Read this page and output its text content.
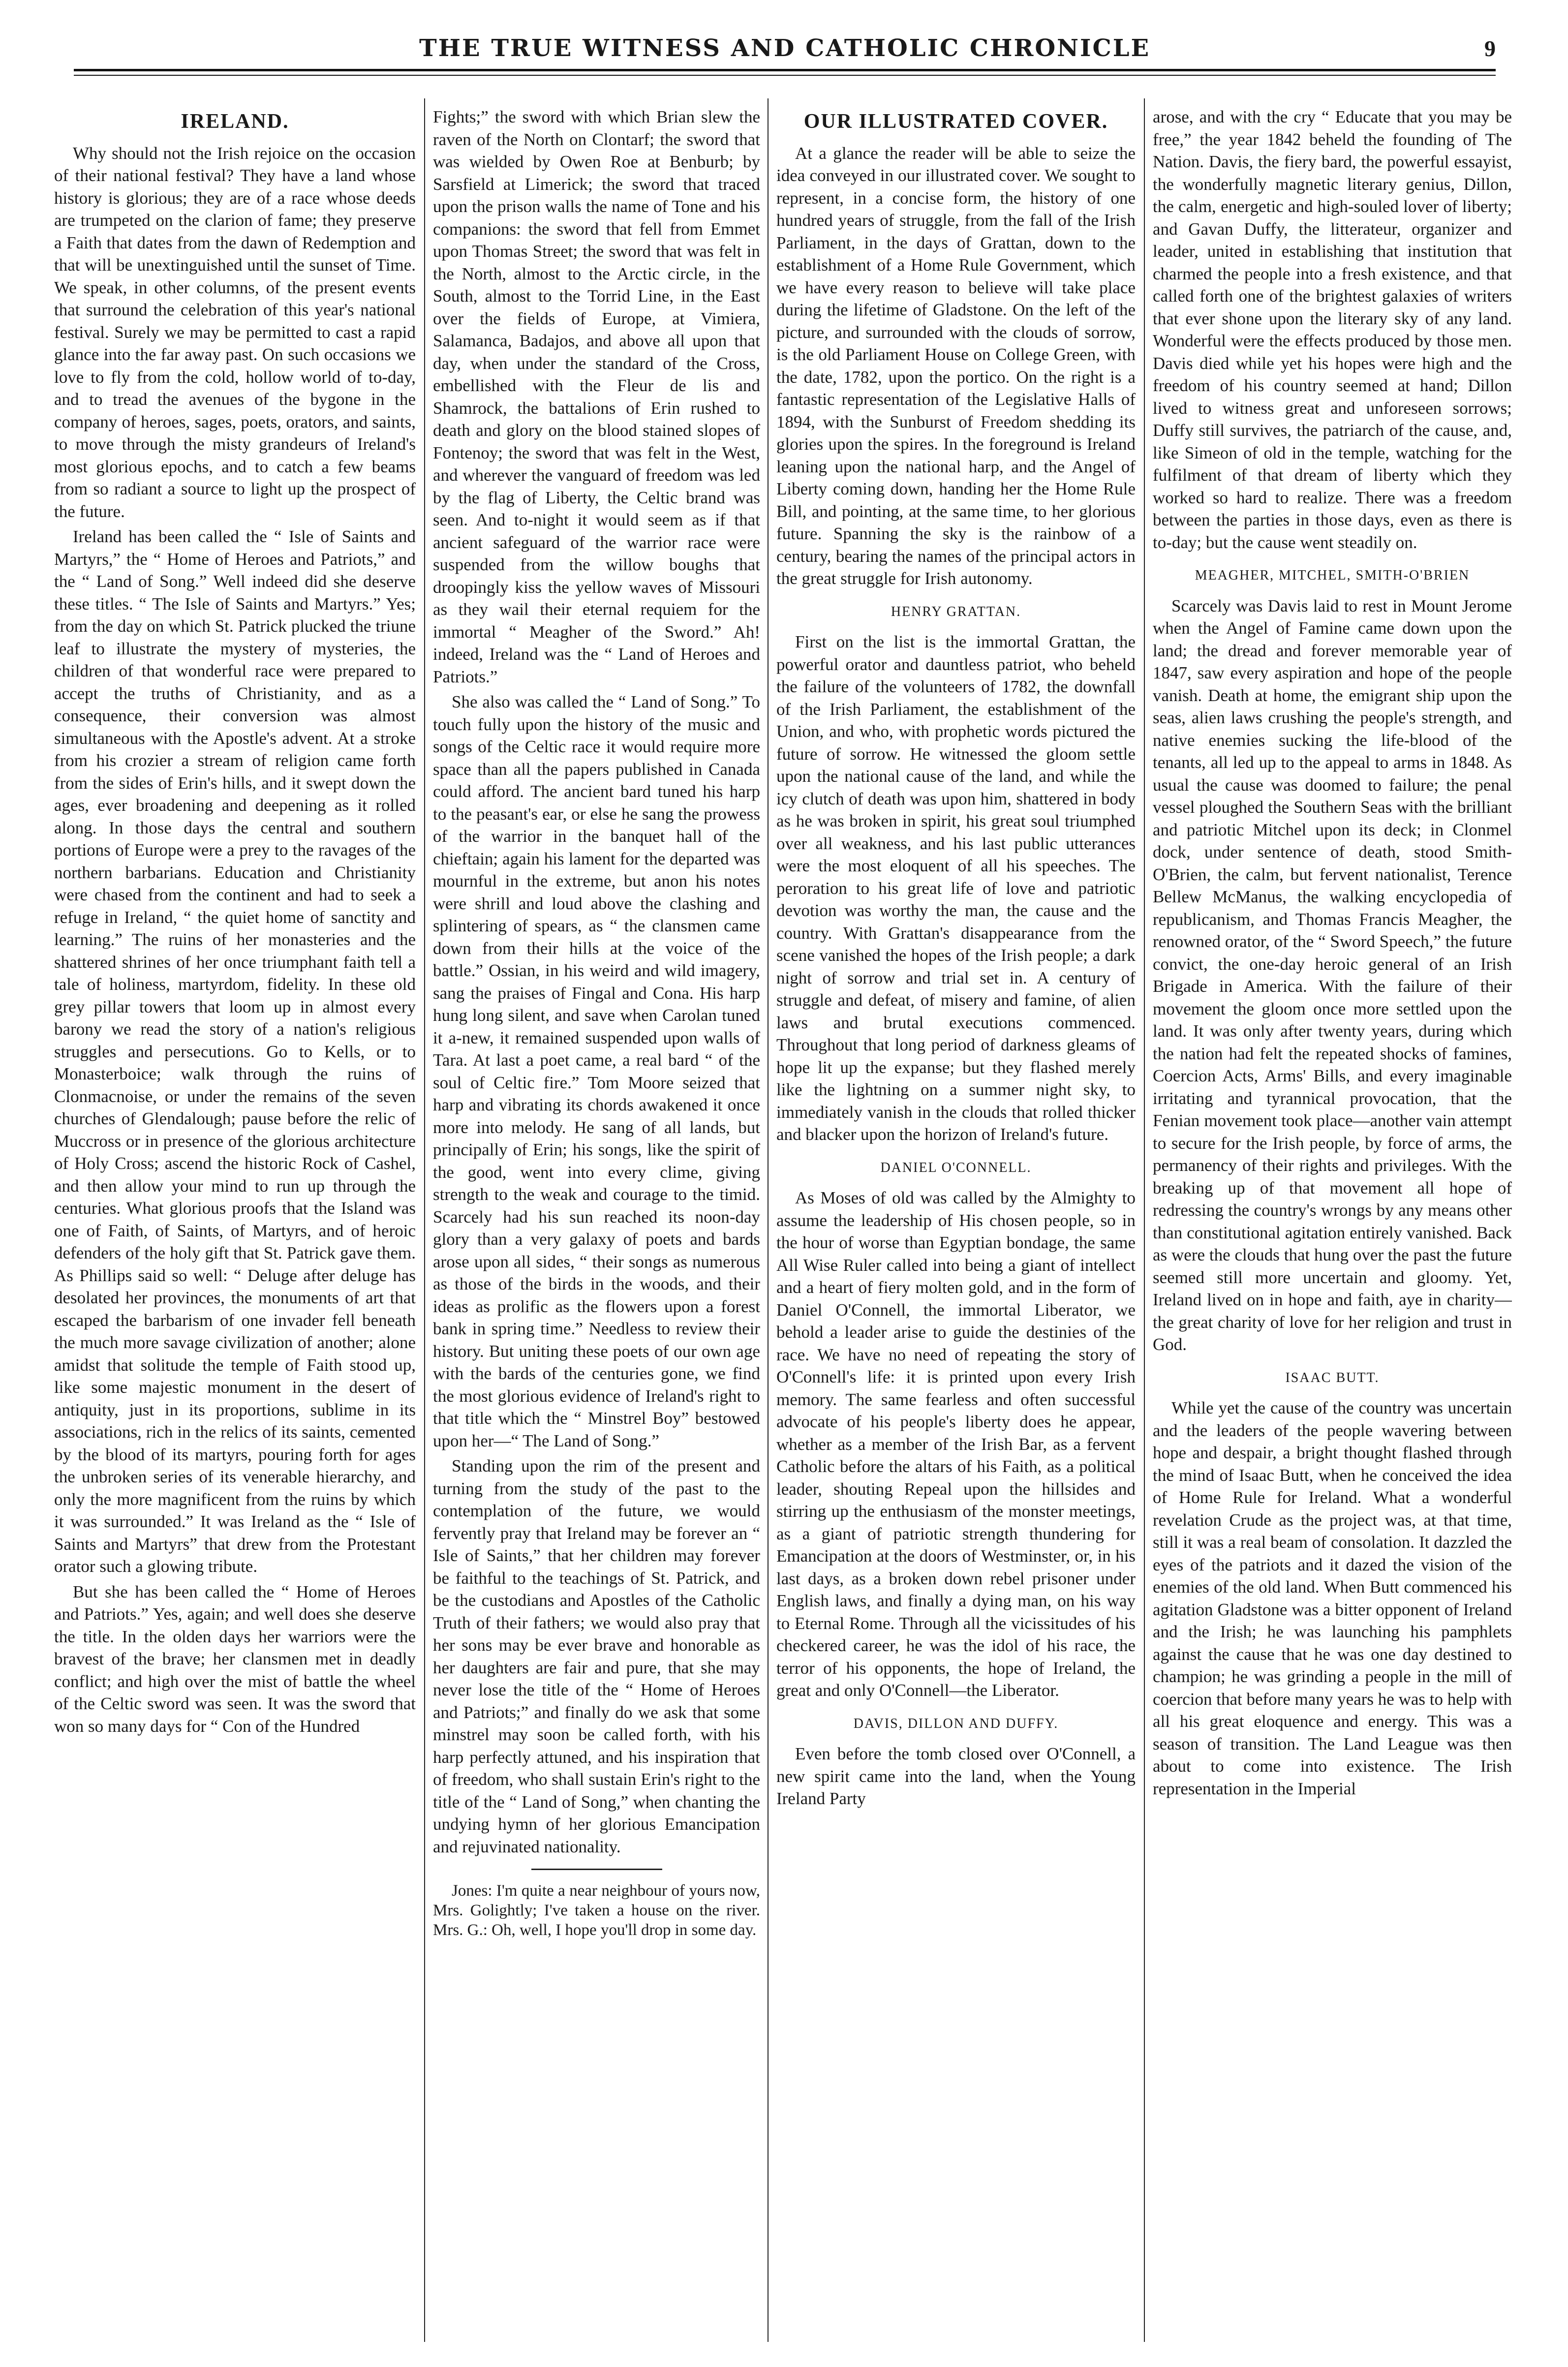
THE TRUE WITNESS AND CATHOLIC CHRONICLE	9
IRELAND.

Why should not the Irish rejoice on the occasion of their national festival? They have a land whose history is glorious; they are of a race whose deeds are trumpeted on the clarion of fame; they preserve a Faith that dates from the dawn of Redemption and that will be unextinguished until the sunset of Time. We speak, in other columns, of the present events that surround the celebration of this year's national festival. Surely we may be permitted to cast a rapid glance into the far away past. On such occasions we love to fly from the cold, hollow world of to-day, and to tread the avenues of the bygone in the company of heroes, sages, poets, orators, and saints, to move through the misty grandeurs of Ireland's most glorious epochs, and to catch a few beams from so radiant a source to light up the prospect of the future.

Ireland has been called the “ Isle of Saints and Martyrs,” the “ Home of Heroes and Patriots,” and the “ Land of Song.” Well indeed did she deserve these titles. “ The Isle of Saints and Martyrs.” Yes; from the day on which St. Patrick plucked the triune leaf to illustrate the mystery of mysteries, the children of that wonderful race were prepared to accept the truths of Christianity, and as a consequence, their conversion was almost simultaneous with the Apostle's advent. At a stroke from his crozier a stream of religion came forth from the sides of Erin's hills, and it swept down the ages, ever broadening and deepening as it rolled along. In those days the central and southern portions of Europe were a prey to the ravages of the northern barbarians. Education and Christianity were chased from the continent and had to seek a refuge in Ireland, “ the quiet home of sanctity and learning.” The ruins of her monasteries and the shattered shrines of her once triumphant faith tell a tale of holiness, martyrdom, fidelity. In these old grey pillar towers that loom up in almost every barony we read the story of a nation's religious struggles and persecutions. Go to Kells, or to Monasterboice; walk through the ruins of Clonmacnoise, or under the remains of the seven churches of Glendalough; pause before the relic of Muccross or in presence of the glorious architecture of Holy Cross; ascend the historic Rock of Cashel, and then allow your mind to run up through the centuries. What glorious proofs that the Island was one of Faith, of Saints, of Martyrs, and of heroic defenders of the holy gift that St. Patrick gave them. As Phillips said so well: “ Deluge after deluge has desolated her provinces, the monuments of art that escaped the barbarism of one invader fell beneath the much more savage civilization of another; alone amidst that solitude the temple of Faith stood up, like some majestic monument in the desert of antiquity, just in its proportions, sublime in its associations, rich in the relics of its saints, cemented by the blood of its martyrs, pouring forth for ages the unbroken series of its venerable hierarchy, and only the more magnificent from the ruins by which it was surrounded.” It was Ireland as the “ Isle of Saints and Martyrs” that drew from the Protestant orator such a glowing tribute.

But she has been called the “ Home of Heroes and Patriots.” Yes, again; and well does she deserve the title. In the olden days her warriors were the bravest of the brave; her clansmen met in deadly conflict; and high over the mist of battle the wheel of the Celtic sword was seen. It was the sword that won so many days for “ Con of the Hundred

Fights;” the sword with which Brian slew the raven of the North on Clontarf; the sword that was wielded by Owen Roe at Benburb; by Sarsfield at Limerick; the sword that traced upon the prison walls the name of Tone and his companions: the sword that fell from Emmet upon Thomas Street; the sword that was felt in the North, almost to the Arctic circle, in the South, almost to the Torrid Line, in the East over the fields of Europe, at Vimiera, Salamanca, Badajos, and above all upon that day, when under the standard of the Cross, embellished with the Fleur de lis and Shamrock, the battalions of Erin rushed to death and glory on the blood stained slopes of Fontenoy; the sword that was felt in the West, and wherever the vanguard of freedom was led by the flag of Liberty, the Celtic brand was seen. And to-night it would seem as if that ancient safeguard of the warrior race were suspended from the willow boughs that droopingly kiss the yellow waves of Missouri as they wail their eternal requiem for the immortal “ Meagher of the Sword.” Ah! indeed, Ireland was the “ Land of Heroes and Patriots.”

She also was called the “ Land of Song.” To touch fully upon the history of the music and songs of the Celtic race it would require more space than all the papers published in Canada could afford. The ancient bard tuned his harp to the peasant's ear, or else he sang the prowess of the warrior in the banquet hall of the chieftain; again his lament for the departed was mournful in the extreme, but anon his notes were shrill and loud above the clashing and splintering of spears, as “ the clansmen came down from their hills at the voice of the battle.” Ossian, in his weird and wild imagery, sang the praises of Fingal and Cona. His harp hung long silent, and save when Carolan tuned it a-new, it remained suspended upon walls of Tara. At last a poet came, a real bard “ of the soul of Celtic fire.” Tom Moore seized that harp and vibrating its chords awakened it once more into melody. He sang of all lands, but principally of Erin; his songs, like the spirit of the good, went into every clime, giving strength to the weak and courage to the timid. Scarcely had his sun reached its noon-day glory than a very galaxy of poets and bards arose upon all sides, “ their songs as numerous as those of the birds in the woods, and their ideas as prolific as the flowers upon a forest bank in spring time.” Needless to review their history. But uniting these poets of our own age with the bards of the centuries gone, we find the most glorious evidence of Ireland's right to that title which the “ Minstrel Boy” bestowed upon her—“ The Land of Song.”

Standing upon the rim of the present and turning from the study of the past to the contemplation of the future, we would fervently pray that Ireland may be forever an “ Isle of Saints,” that her children may forever be faithful to the teachings of St. Patrick, and be the custodians and Apostles of the Catholic Truth of their fathers; we would also pray that her sons may be ever brave and honorable as her daughters are fair and pure, that she may never lose the title of the “ Home of Heroes and Patriots;” and finally do we ask that some minstrel may soon be called forth, with his harp perfectly attuned, and his inspiration that of freedom, who shall sustain Erin's right to the title of the “ Land of Song,” when chanting the undying hymn of her glorious Emancipation and rejuvinated nationality.

Jones: I'm quite a near neighbour of yours now, Mrs. Golightly; I've taken a house on the river. Mrs. G.: Oh, well, I hope you'll drop in some day.

OUR ILLUSTRATED COVER.

At a glance the reader will be able to seize the idea conveyed in our illustrated cover. We sought to represent, in a concise form, the history of one hundred years of struggle, from the fall of the Irish Parliament, in the days of Grattan, down to the establishment of a Home Rule Government, which we have every reason to believe will take place during the lifetime of Gladstone. On the left of the picture, and surrounded with the clouds of sorrow, is the old Parliament House on College Green, with the date, 1782, upon the portico. On the right is a fantastic representation of the Legislative Halls of 1894, with the Sunburst of Freedom shedding its glories upon the spires. In the foreground is Ireland leaning upon the national harp, and the Angel of Liberty coming down, handing her the Home Rule Bill, and pointing, at the same time, to her glorious future. Spanning the sky is the rainbow of a century, bearing the names of the principal actors in the great struggle for Irish autonomy.

HENRY GRATTAN.

First on the list is the immortal Grattan, the powerful orator and dauntless patriot, who beheld the failure of the volunteers of 1782, the downfall of the Irish Parliament, the establishment of the Union, and who, with prophetic words pictured the future of sorrow. He witnessed the gloom settle upon the national cause of the land, and while the icy clutch of death was upon him, shattered in body as he was broken in spirit, his great soul triumphed over all weakness, and his last public utterances were the most eloquent of all his speeches. The peroration to his great life of love and patriotic devotion was worthy the man, the cause and the country. With Grattan's disappearance from the scene vanished the hopes of the Irish people; a dark night of sorrow and trial set in. A century of struggle and defeat, of misery and famine, of alien laws and brutal executions commenced. Throughout that long period of darkness gleams of hope lit up the expanse; but they flashed merely like the lightning on a summer night sky, to immediately vanish in the clouds that rolled thicker and blacker upon the horizon of Ireland's future.

DANIEL O'CONNELL.

As Moses of old was called by the Almighty to assume the leadership of His chosen people, so in the hour of worse than Egyptian bondage, the same All Wise Ruler called into being a giant of intellect and a heart of fiery molten gold, and in the form of Daniel O'Connell, the immortal Liberator, we behold a leader arise to guide the destinies of the race. We have no need of repeating the story of O'Connell's life: it is printed upon every Irish memory. The same fearless and often successful advocate of his people's liberty does he appear, whether as a member of the Irish Bar, as a fervent Catholic before the altars of his Faith, as a political leader, shouting Repeal upon the hillsides and stirring up the enthusiasm of the monster meetings, as a giant of patriotic strength thundering for Emancipation at the doors of Westminster, or, in his last days, as a broken down rebel prisoner under English laws, and finally a dying man, on his way to Eternal Rome. Through all the vicissitudes of his checkered career, he was the idol of his race, the terror of his opponents, the hope of Ireland, the great and only O'Connell—the Liberator.

DAVIS, DILLON AND DUFFY.

Even before the tomb closed over O'Connell, a new spirit came into the land, when the Young Ireland Party

arose, and with the cry “ Educate that you may be free,” the year 1842 beheld the founding of The Nation. Davis, the fiery bard, the powerful essayist, the wonderfully magnetic literary genius, Dillon, the calm, energetic and high-souled lover of liberty; and Gavan Duffy, the litterateur, organizer and leader, united in establishing that institution that charmed the people into a fresh existence, and that called forth one of the brightest galaxies of writers that ever shone upon the literary sky of any land. Wonderful were the effects produced by those men. Davis died while yet his hopes were high and the freedom of his country seemed at hand; Dillon lived to witness great and unforeseen sorrows; Duffy still survives, the patriarch of the cause, and, like Simeon of old in the temple, watching for the fulfilment of that dream of liberty which they worked so hard to realize. There was a freedom between the parties in those days, even as there is to-day; but the cause went steadily on.

MEAGHER, MITCHEL, SMITH-O'BRIEN

Scarcely was Davis laid to rest in Mount Jerome when the Angel of Famine came down upon the land; the dread and forever memorable year of 1847, saw every aspiration and hope of the people vanish. Death at home, the emigrant ship upon the seas, alien laws crushing the people's strength, and native enemies sucking the life-blood of the tenants, all led up to the appeal to arms in 1848. As usual the cause was doomed to failure; the penal vessel ploughed the Southern Seas with the brilliant and patriotic Mitchel upon its deck; in Clonmel dock, under sentence of death, stood Smith-O'Brien, the calm, but fervent nationalist, Terence Bellew McManus, the walking encyclopedia of republicanism, and Thomas Francis Meagher, the renowned orator, of the “ Sword Speech,” the future convict, the one-day heroic general of an Irish Brigade in America. With the failure of their movement the gloom once more settled upon the land. It was only after twenty years, during which the nation had felt the repeated shocks of famines, Coercion Acts, Arms' Bills, and every imaginable irritating and tyrannical provocation, that the Fenian movement took place—another vain attempt to secure for the Irish people, by force of arms, the permanency of their rights and privileges. With the breaking up of that movement all hope of redressing the country's wrongs by any means other than constitutional agitation entirely vanished. Back as were the clouds that hung over the past the future seemed still more uncertain and gloomy. Yet, Ireland lived on in hope and faith, aye in charity—the great charity of love for her religion and trust in God.

ISAAC BUTT.

While yet the cause of the country was uncertain and the leaders of the people wavering between hope and despair, a bright thought flashed through the mind of Isaac Butt, when he conceived the idea of Home Rule for Ireland. What a wonderful revelation Crude as the project was, at that time, still it was a real beam of consolation. It dazzled the eyes of the patriots and it dazed the vision of the enemies of the old land. When Butt commenced his agitation Gladstone was a bitter opponent of Ireland and the Irish; he was launching his pamphlets against the cause that he was one day destined to champion; he was grinding a people in the mill of coercion that before many years he was to help with all his great eloquence and energy. This was a season of transition. The Land League was then about to come into existence. The Irish representation in the Imperial
